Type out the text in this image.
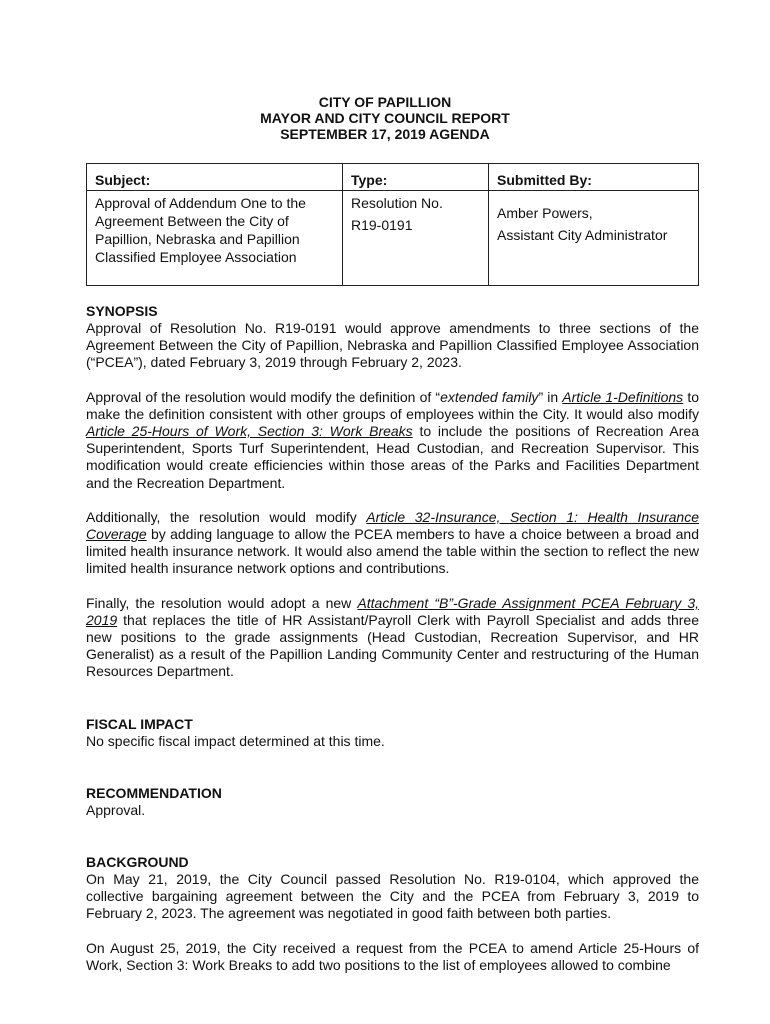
CITY OF PAPILLION
MAYOR AND CITY COUNCIL REPORT
SEPTEMBER 17, 2019 AGENDA
Subject:
Approval of Addendum One to the
Agreement Between the City of
Papillion, Nebraska and Papillion
Classified Employee Association
Type:
Resolution No.
R19-0191
Submitted By:
Amber Powers,
Assistant City Administrator
SYNOPSIS

Approval of Resolution No. R19-0191 would approve amendments to three sections of the Agreement Between the City of Papillion, Nebraska and Papillion Classified Employee Association (“PCEA”), dated February 3, 2019 through February 2, 2023.

Approval of the resolution would modify the definition of “extended family” in Article 1-Definitions to make the definition consistent with other groups of employees within the City. It would also modify Article 25-Hours of Work, Section 3: Work Breaks to include the positions of Recreation Area Superintendent, Sports Turf Superintendent, Head Custodian, and Recreation Supervisor. This modification would create efficiencies within those areas of the Parks and Facilities Department and the Recreation Department.

Additionally, the resolution would modify Article 32-Insurance, Section 1: Health Insurance Coverage by adding language to allow the PCEA members to have a choice between a broad and limited health insurance network. It would also amend the table within the section to reflect the new limited health insurance network options and contributions.

Finally, the resolution would adopt a new Attachment “B”-Grade Assignment PCEA February 3, 2019 that replaces the title of HR Assistant/Payroll Clerk with Payroll Specialist and adds three new positions to the grade assignments (Head Custodian, Recreation Supervisor, and HR Generalist) as a result of the Papillion Landing Community Center and restructuring of the Human Resources Department.

FISCAL IMPACT

No specific fiscal impact determined at this time.

RECOMMENDATION

Approval.

BACKGROUND

On May 21, 2019, the City Council passed Resolution No. R19-0104, which approved the collective bargaining agreement between the City and the PCEA from February 3, 2019 to February 2, 2023. The agreement was negotiated in good faith between both parties.

On August 25, 2019, the City received a request from the PCEA to amend Article 25-Hours of Work, Section 3: Work Breaks to add two positions to the list of employees allowed to combine
